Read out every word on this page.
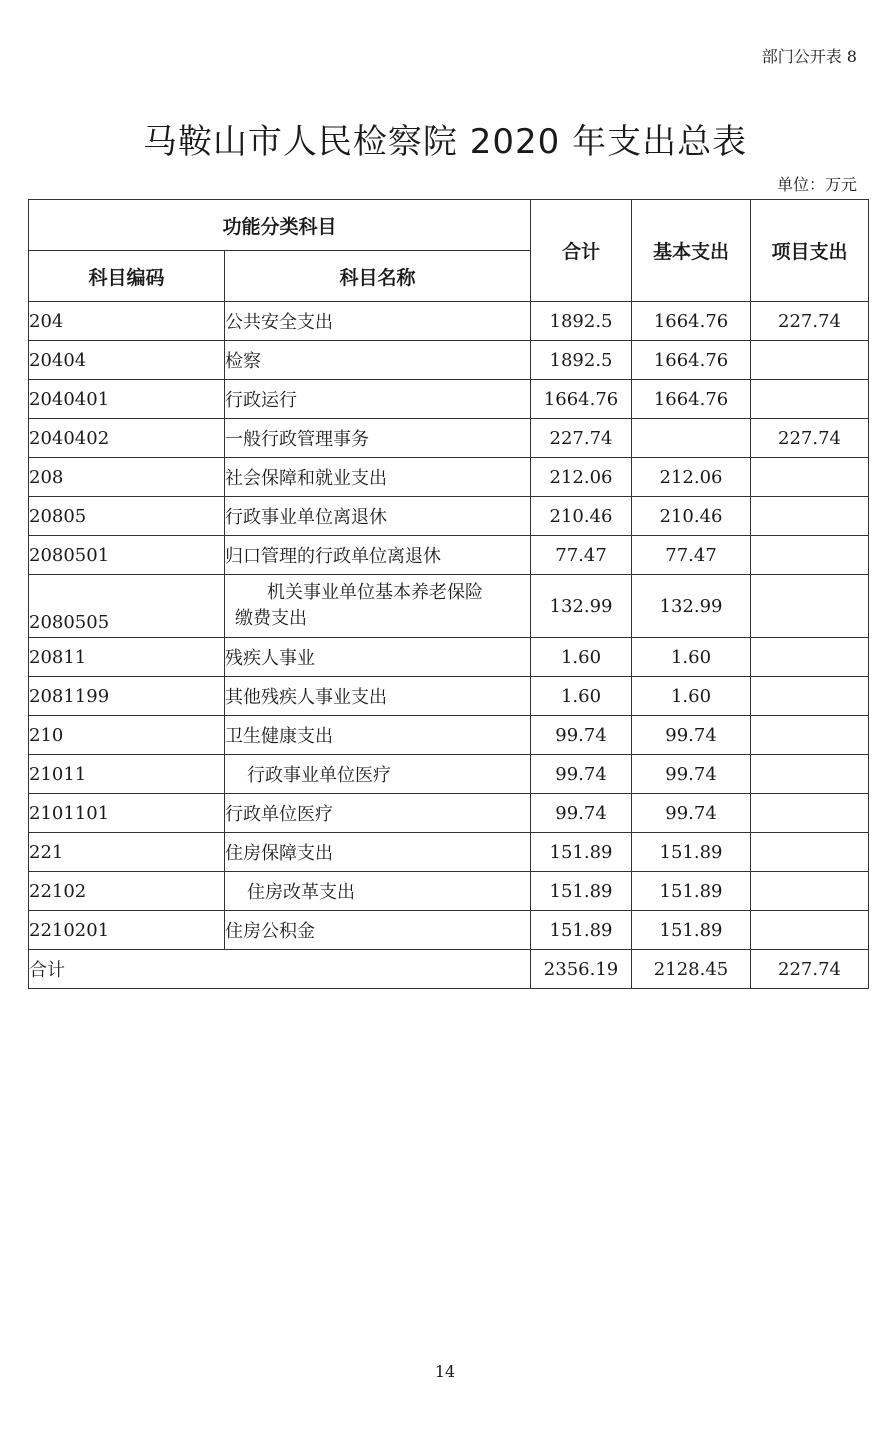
部门公开表 8
马鞍山市人民检察院 2020 年支出总表
单位：万元
功能分类科目		合计	基本支出	项目支出
科目编码	科目名称			
204	公共安全支出	1892.5	1664.76	227.74
20404	检察	1892.5	1664.76	
2040401	行政运行	1664.76	1664.76	
2040402	一般行政管理事务	227.74		227.74
208	社会保障和就业支出	212.06	212.06	
20805	行政事业单位离退休	210.46	210.46	
2080501	归口管理的行政单位离退休	77.47	77.47	
2080505	机关事业单位基本养老保险
缴费支出	132.99	132.99	
20811	残疾人事业	1.60	1.60	
2081199	其他残疾人事业支出	1.60	1.60	
210	卫生健康支出	99.74	99.74	
21011	行政事业单位医疗	99.74	99.74	
2101101	行政单位医疗	99.74	99.74	
221	住房保障支出	151.89	151.89	
22102	住房改革支出	151.89	151.89	
2210201	住房公积金	151.89	151.89	
合计		2356.19	2128.45	227.74
14
